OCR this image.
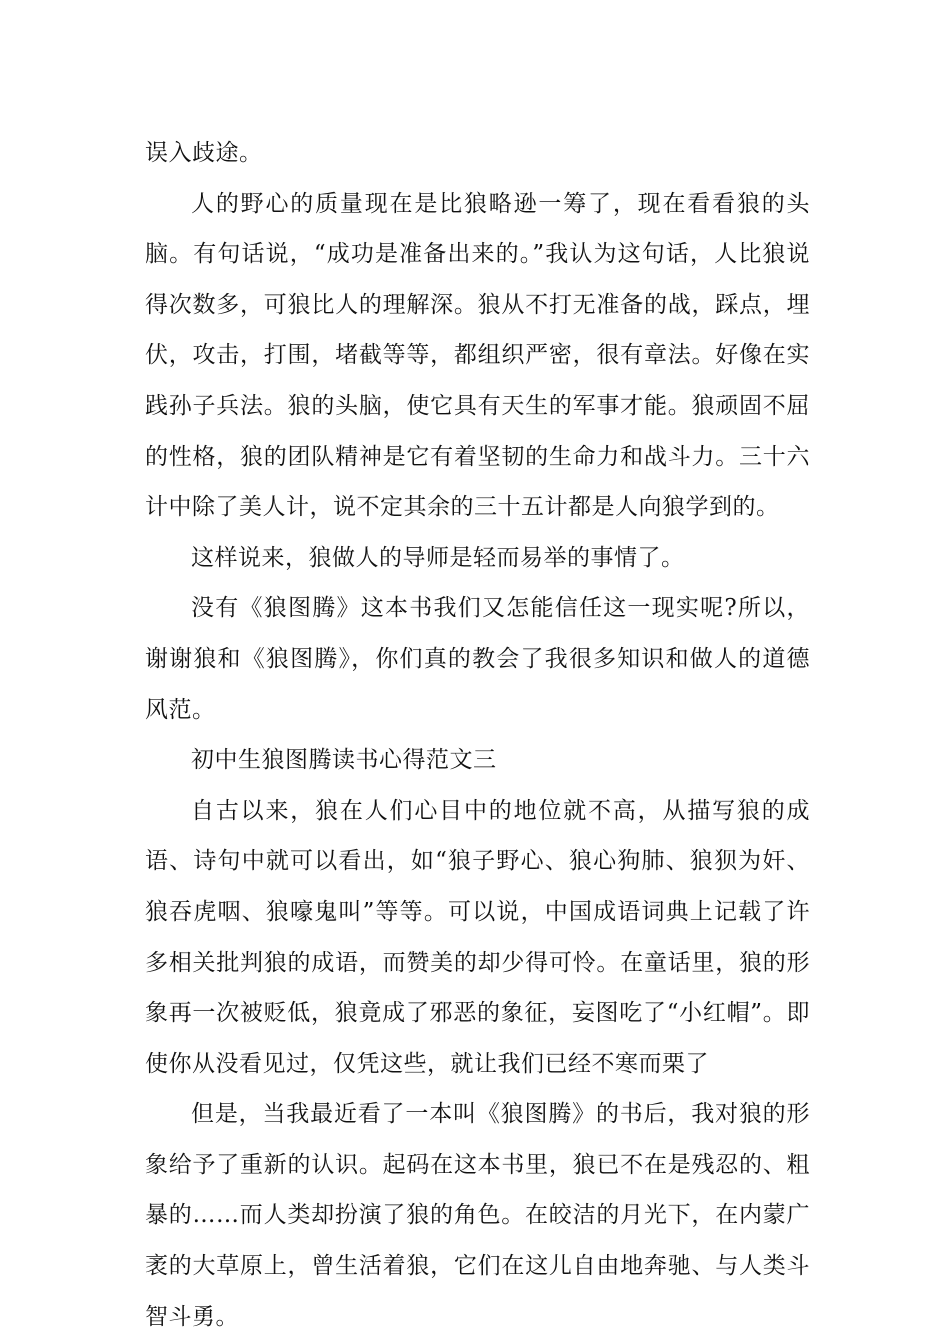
误入歧途。

人的野心的质量现在是比狼略逊一筹了，现在看看狼的头脑。有句话说，“成功是准备出来的。”我认为这句话，人比狼说得次数多，可狼比人的理解深。狼从不打无准备的战，踩点，埋伏，攻击，打围，堵截等等，都组织严密，很有章法。好像在实践孙子兵法。狼的头脑，使它具有天生的军事才能。狼顽固不屈的性格，狼的团队精神是它有着坚韧的生命力和战斗力。三十六计中除了美人计，说不定其余的三十五计都是人向狼学到的。

这样说来，狼做人的导师是轻而易举的事情了。

没有《狼图腾》这本书我们又怎能信任这一现实呢?所以，谢谢狼和《狼图腾》，你们真的教会了我很多知识和做人的道德风范。

初中生狼图腾读书心得范文三

自古以来，狼在人们心目中的地位就不高，从描写狼的成语、诗句中就可以看出，如“狼子野心、狼心狗肺、狼狈为奸、狼吞虎咽、狼嚎鬼叫”等等。可以说，中国成语词典上记载了许多相关批判狼的成语，而赞美的却少得可怜。在童话里，狼的形象再一次被贬低，狼竟成了邪恶的象征，妄图吃了“小红帽”。即使你从没看见过，仅凭这些，就让我们已经不寒而栗了

但是，当我最近看了一本叫《狼图腾》的书后，我对狼的形象给予了重新的认识。起码在这本书里，狼已不在是残忍的、粗暴的……而人类却扮演了狼的角色。在皎洁的月光下，在内蒙广袤的大草原上，曾生活着狼，它们在这儿自由地奔驰、与人类斗智斗勇。
